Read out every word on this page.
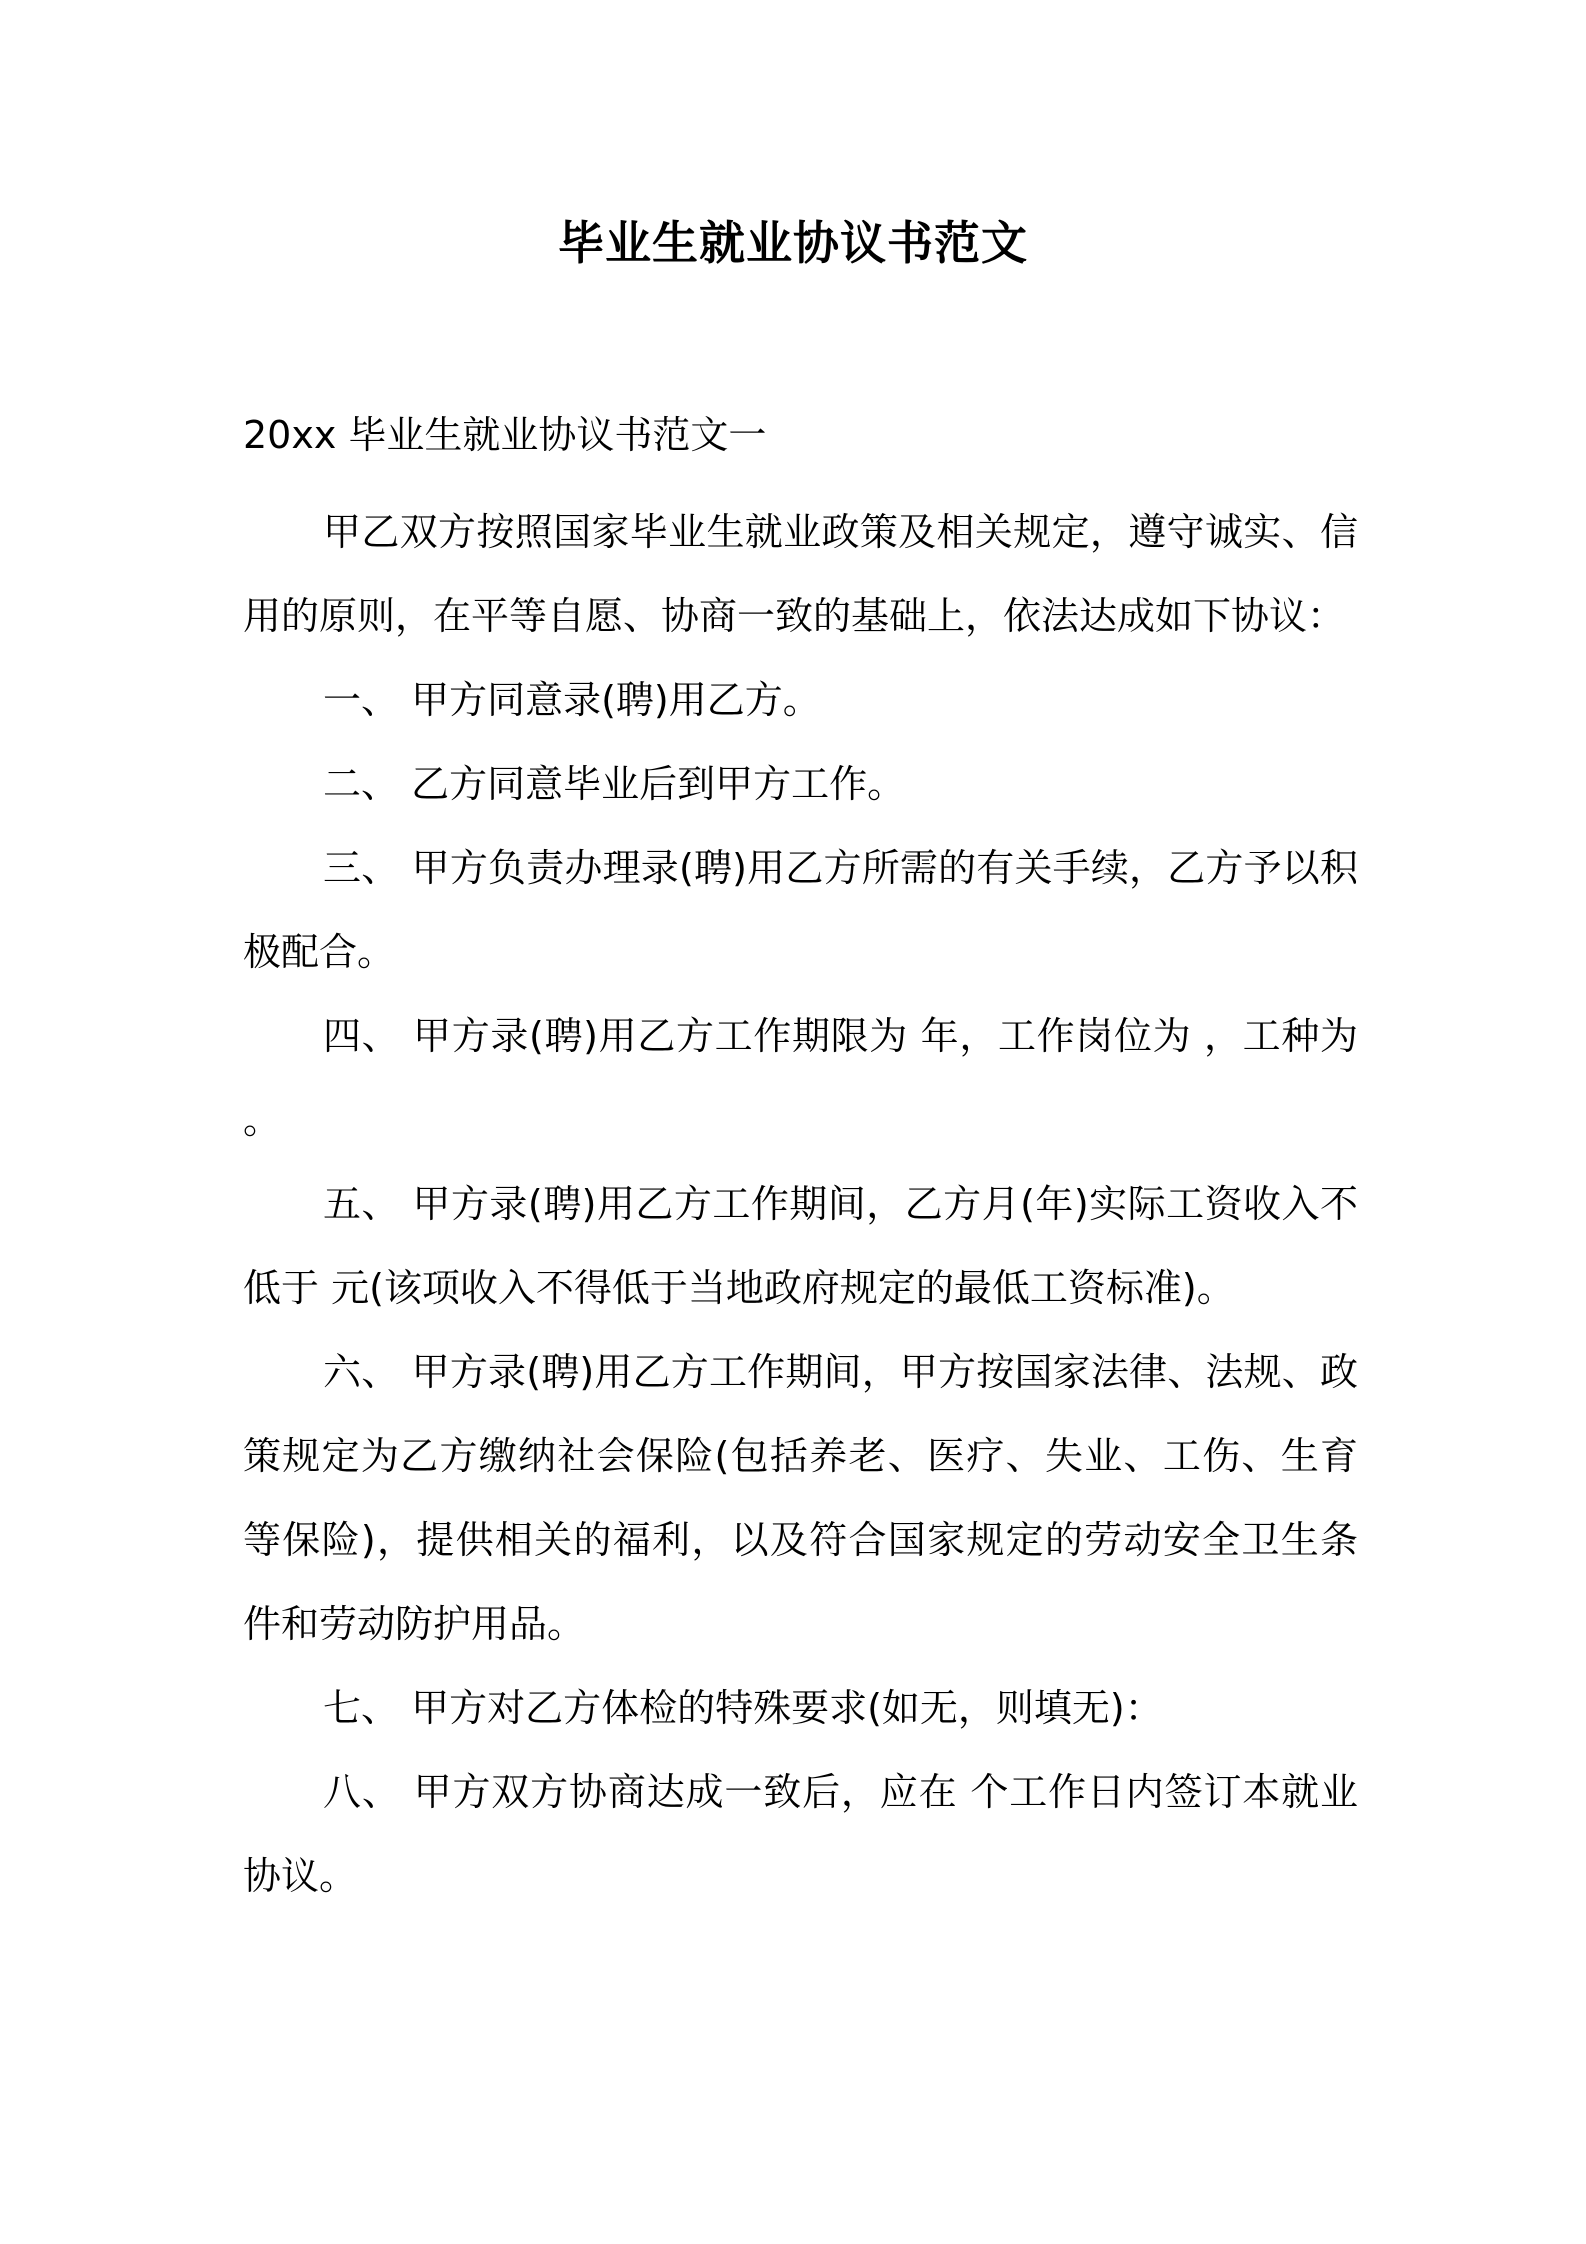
毕业生就业协议书范文
20xx 毕业生就业协议书范文一

甲乙双方按照国家毕业生就业政策及相关规定，遵守诚实、信用的原则，在平等自愿、协商一致的基础上，依法达成如下协议：

一、 甲方同意录(聘)用乙方。

二、 乙方同意毕业后到甲方工作。

三、 甲方负责办理录(聘)用乙方所需的有关手续，乙方予以积极配合。

四、 甲方录(聘)用乙方工作期限为 年，工作岗位为 ，工种为 。

五、 甲方录(聘)用乙方工作期间，乙方月(年)实际工资收入不低于 元(该项收入不得低于当地政府规定的最低工资标准)。

六、 甲方录(聘)用乙方工作期间，甲方按国家法律、法规、政策规定为乙方缴纳社会保险(包括养老、医疗、失业、工伤、生育等保险)，提供相关的福利，以及符合国家规定的劳动安全卫生条件和劳动防护用品。

七、 甲方对乙方体检的特殊要求(如无，则填无)：

八、 甲方双方协商达成一致后，应在 个工作日内签订本就业协议。
